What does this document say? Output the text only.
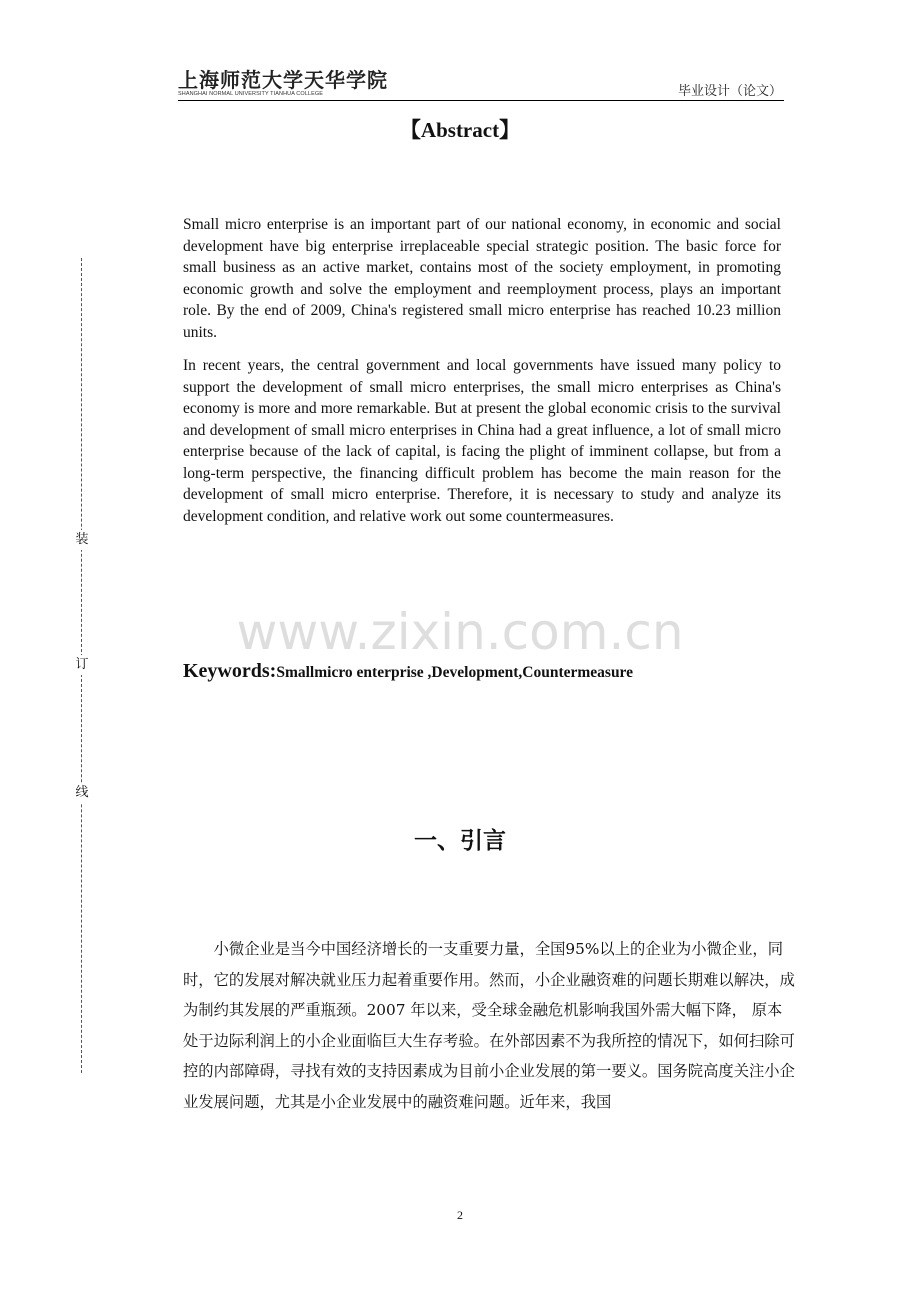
上海师范大学天华学院
SHANGHAI NORMAL UNIVERSITY TIANHUA COLLEGE	毕业设计（论文）
装
订
线
【Abstract】

Small micro enterprise is an important part of our national economy, in economic and social development have big enterprise irreplaceable special strategic position. The basic force for small business as an active market, contains most of the society employment, in promoting economic growth and solve the employment and reemployment process, plays an important role. By the end of 2009, China's registered small micro enterprise has reached 10.23 million units.

In recent years, the central government and local governments have issued many policy to support the development of small micro enterprises, the small micro enterprises as China's economy is more and more remarkable. But at present the global economic crisis to the survival and development of small micro enterprises in China had a great influence, a lot of small micro enterprise because of the lack of capital, is facing the plight of imminent collapse, but from a long-term perspective, the financing difficult problem has become the main reason for the development of small micro enterprise. Therefore, it is necessary to study and analyze its development condition, and relative work out some countermeasures.

www.zixin.com.cn
Keywords:Smallmicro enterprise ,Development,Countermeasure
一、引言

小微企业是当今中国经济增长的一支重要力量，全国95%以上的企业为小微企业，同时，它的发展对解决就业压力起着重要作用。然而，小企业融资难的问题长期难以解决，成为制约其发展的严重瓶颈。2007 年以来，受全球金融危机影响我国外需大幅下降， 原本处于边际利润上的小企业面临巨大生存考验。在外部因素不为我所控的情况下，如何扫除可控的内部障碍，寻找有效的支持因素成为目前小企业发展的第一要义。国务院高度关注小企业发展问题，尤其是小企业发展中的融资难问题。近年来，我国

2
